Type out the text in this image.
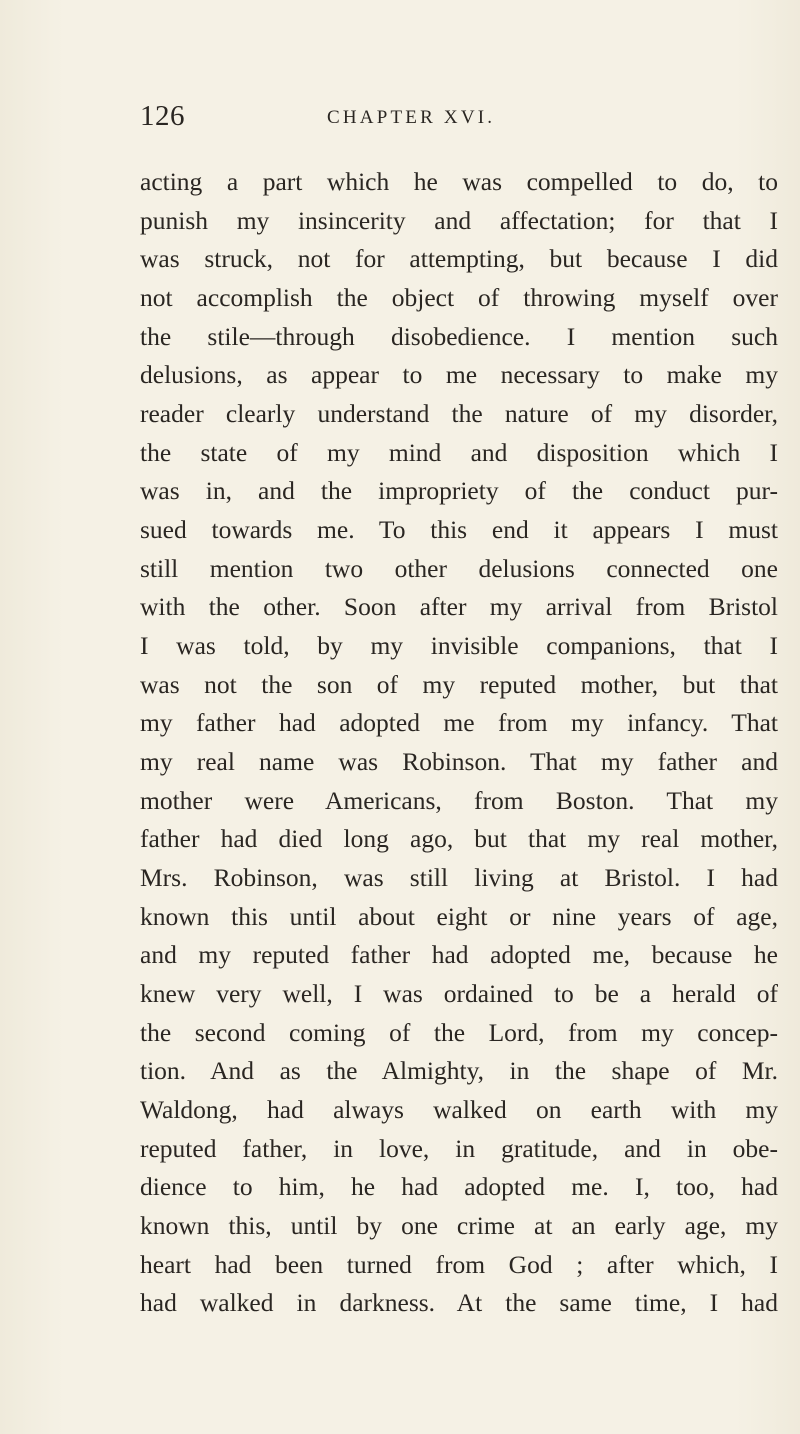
126	CHAPTER XVI.
acting a part which he was compelled to do, to
punish my insincerity and affectation; for that I
was struck, not for attempting, but because I did
not accomplish the object of throwing myself over
the stile—through disobedience. I mention such
delusions, as appear to me necessary to make my
reader clearly understand the nature of my disorder,
the state of my mind and disposition which I
was in, and the impropriety of the conduct pur-
sued towards me. To this end it appears I must
still mention two other delusions connected one
with the other. Soon after my arrival from Bristol
I was told, by my invisible companions, that I
was not the son of my reputed mother, but that
my father had adopted me from my infancy. That
my real name was Robinson. That my father and
mother were Americans, from Boston. That my
father had died long ago, but that my real mother,
Mrs. Robinson, was still living at Bristol. I had
known this until about eight or nine years of age,
and my reputed father had adopted me, because he
knew very well, I was ordained to be a herald of
the second coming of the Lord, from my concep-
tion. And as the Almighty, in the shape of Mr.
Waldong, had always walked on earth with my
reputed father, in love, in gratitude, and in obe-
dience to him, he had adopted me. I, too, had
known this, until by one crime at an early age, my
heart had been turned from God ; after which, I
had walked in darkness. At the same time, I had
